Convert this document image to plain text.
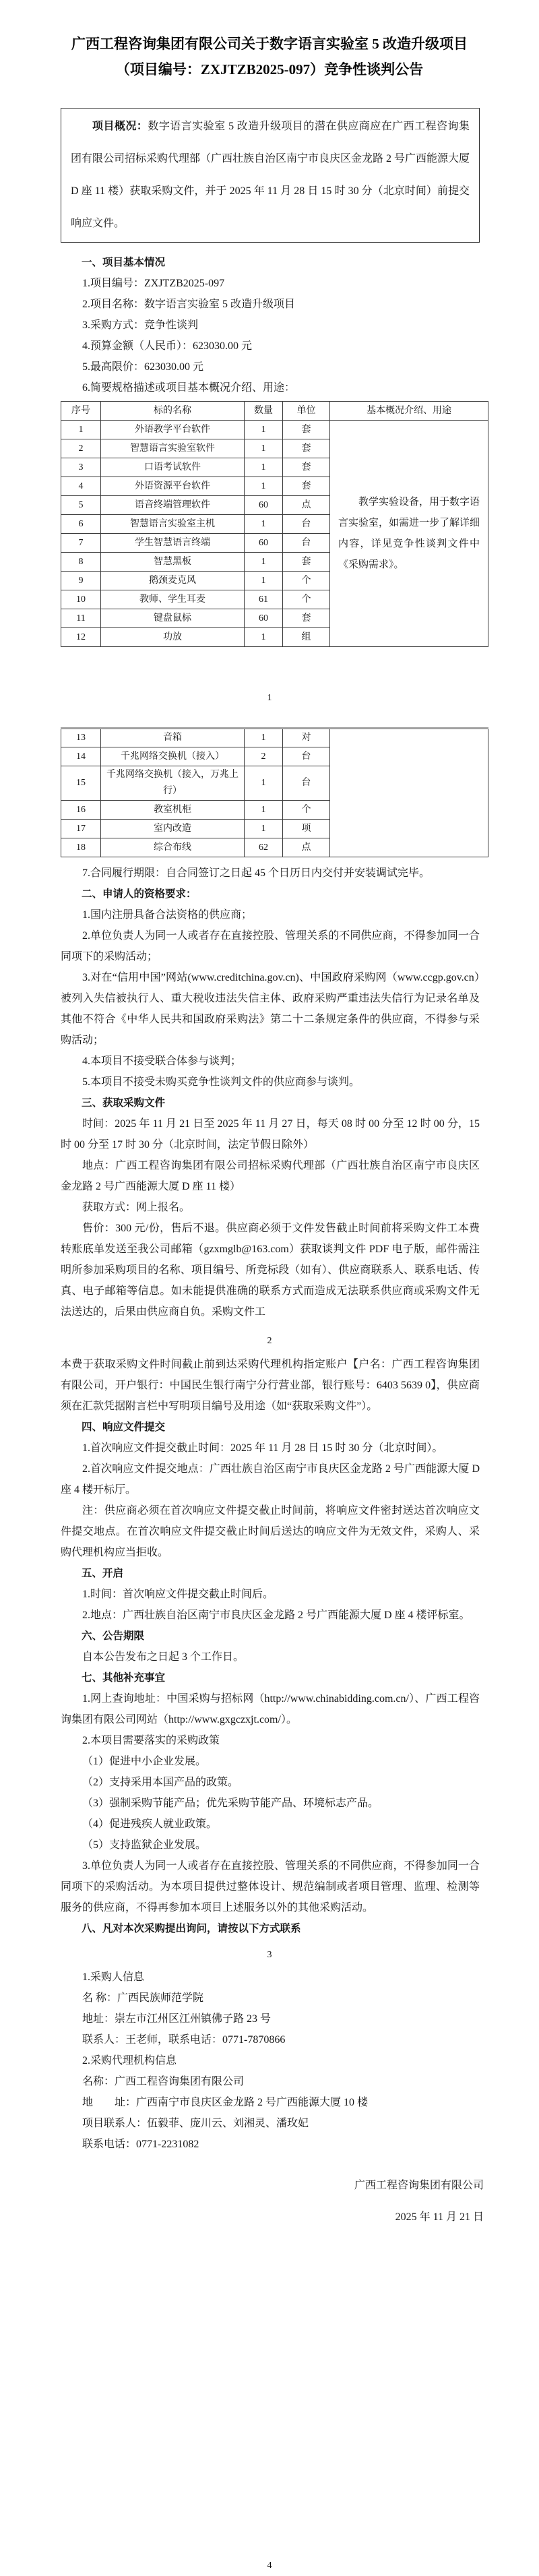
广西工程咨询集团有限公司关于数字语言实验室 5 改造升级项目

（项目编号：ZXJTZB2025-097）竞争性谈判公告

项目概况：数字语言实验室 5 改造升级项目的潜在供应商应在广西工程咨询集团有限公司招标采购代理部（广西壮族自治区南宁市良庆区金龙路 2 号广西能源大厦 D 座 11 楼）获取采购文件，并于 2025 年 11 月 28 日 15 时 30 分（北京时间）前提交响应文件。

一、项目基本情况

1.项目编号：ZXJTZB2025-097

2.项目名称：数字语言实验室 5 改造升级项目

3.采购方式：竞争性谈判

4.预算金额（人民币）：623030.00 元

5.最高限价：623030.00 元

6.简要规格描述或项目基本概况介绍、用途：

序号	标的名称	数量	单位	基本概况介绍、用途
1	外语教学平台软件	1	套	教学实验设备，用于数字语言实验室，如需进一步了解详细内容，详见竞争性谈判文件中《采购需求》。
2	智慧语言实验室软件	1	套	
3	口语考试软件	1	套	
4	外语资源平台软件	1	套	
5	语音终端管理软件	60	点	
6	智慧语言实验室主机	1	台	
7	学生智慧语言终端	60	台	
8	智慧黑板	1	套	
9	鹅颈麦克风	1	个	
10	教师、学生耳麦	61	个	
11	键盘鼠标	60	套	
12	功放	1	组	

1

13	音箱	1	对	
14	千兆网络交换机（接入）	2	台	
15	千兆网络交换机（接入，万兆上行）	1	台	
16	教室机柜	1	个	
17	室内改造	1	项	
18	综合布线	62	点	

7.合同履行期限：自合同签订之日起 45 个日历日内交付并安装调试完毕。

二、申请人的资格要求：

1.国内注册具备合法资格的供应商；

2.单位负责人为同一人或者存在直接控股、管理关系的不同供应商，不得参加同一合同项下的采购活动；

3.对在“信用中国”网站(www.creditchina.gov.cn)、中国政府采购网（www.ccgp.gov.cn）被列入失信被执行人、重大税收违法失信主体、政府采购严重违法失信行为记录名单及其他不符合《中华人民共和国政府采购法》第二十二条规定条件的供应商，不得参与采购活动；

4.本项目不接受联合体参与谈判；

5.本项目不接受未购买竞争性谈判文件的供应商参与谈判。

三、获取采购文件

时间：2025 年 11 月 21 日至 2025 年 11 月 27 日，每天 08 时 00 分至 12 时 00 分，15 时 00 分至 17 时 30 分（北京时间，法定节假日除外）

地点：广西工程咨询集团有限公司招标采购代理部（广西壮族自治区南宁市良庆区金龙路 2 号广西能源大厦 D 座 11 楼）

获取方式：网上报名。

售价：300 元/份，售后不退。供应商必须于文件发售截止时间前将采购文件工本费转账底单发送至我公司邮箱（gzxmglb@163.com）获取谈判文件 PDF 电子版，邮件需注明所参加采购项目的名称、项目编号、所竞标段（如有）、供应商联系人、联系电话、传真、电子邮箱等信息。如未能提供准确的联系方式而造成无法联系供应商或采购文件无法送达的，后果由供应商自负。采购文件工

2

本费于获取采购文件时间截止前到达采购代理机构指定账户【户名：广西工程咨询集团有限公司，开户银行：中国民生银行南宁分行营业部，银行账号：6403 5639 0】，供应商须在汇款凭据附言栏中写明项目编号及用途（如“获取采购文件”）。

四、响应文件提交

1.首次响应文件提交截止时间：2025 年 11 月 28 日 15 时 30 分（北京时间）。

2.首次响应文件提交地点：广西壮族自治区南宁市良庆区金龙路 2 号广西能源大厦 D 座 4 楼开标厅。

注：供应商必须在首次响应文件提交截止时间前，将响应文件密封送达首次响应文件提交地点。在首次响应文件提交截止时间后送达的响应文件为无效文件，采购人、采购代理机构应当拒收。

五、开启

1.时间：首次响应文件提交截止时间后。

2.地点：广西壮族自治区南宁市良庆区金龙路 2 号广西能源大厦 D 座 4 楼评标室。

六、公告期限

自本公告发布之日起 3 个工作日。

七、其他补充事宜

1.网上查询地址：中国采购与招标网（http://www.chinabidding.com.cn/）、广西工程咨询集团有限公司网站（http://www.gxgczxjt.com/）。

2.本项目需要落实的采购政策

（1）促进中小企业发展。

（2）支持采用本国产品的政策。

（3）强制采购节能产品；优先采购节能产品、环境标志产品。

（4）促进残疾人就业政策。

（5）支持监狱企业发展。

3.单位负责人为同一人或者存在直接控股、管理关系的不同供应商，不得参加同一合同项下的采购活动。为本项目提供过整体设计、规范编制或者项目管理、监理、检测等服务的供应商，不得再参加本项目上述服务以外的其他采购活动。

八、凡对本次采购提出询问，请按以下方式联系

3

1.采购人信息

名 称：广西民族师范学院

地址：崇左市江州区江州镇佛子路 23 号

联系人：王老师，联系电话：0771-7870866

2.采购代理机构信息

名称：广西工程咨询集团有限公司

地　　址：广西南宁市良庆区金龙路 2 号广西能源大厦 10 楼

项目联系人：伍毅菲、庞川云、刘湘灵、潘玫妃

联系电话：0771-2231082

广西工程咨询集团有限公司

2025 年 11 月 21 日

4
